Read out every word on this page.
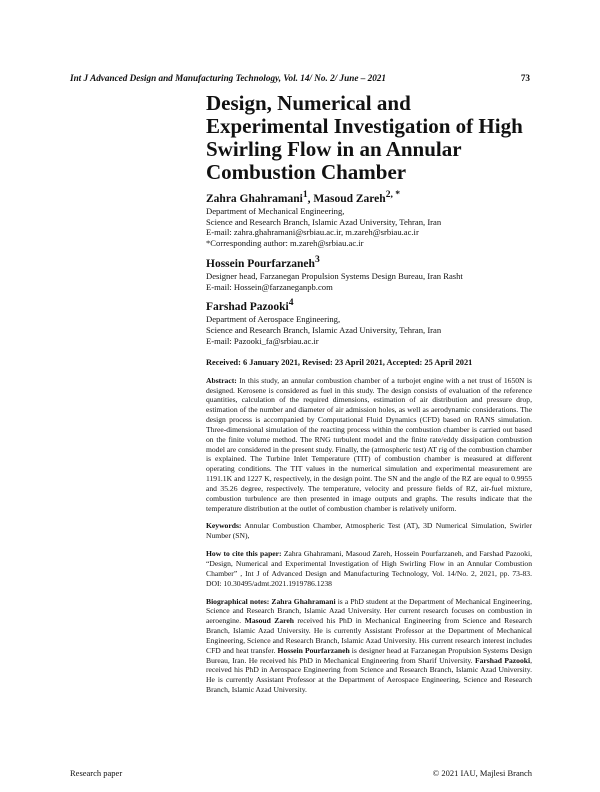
Int J Advanced Design and Manufacturing Technology, Vol. 14/ No. 2/ June – 2021	73
Design, Numerical and
Experimental Investigation of High
Swirling Flow in an Annular
Combustion Chamber
Zahra Ghahramani$^1$, Masoud Zareh$^{2, *}$
Department of Mechanical Engineering,
Science and Research Branch, Islamic Azad University, Tehran, Iran
E-mail: zahra.ghahramani@srbiau.ac.ir, m.zareh@srbiau.ac.ir
*Corresponding author: m.zareh@srbiau.ac.ir
Hossein Pourfarzaneh$^3$
Designer head, Farzanegan Propulsion Systems Design Bureau, Iran Rasht
E-mail: Hossein@farzaneganpb.com
Farshad Pazooki$^4$
Department of Aerospace Engineering,
Science and Research Branch, Islamic Azad University, Tehran, Iran
E-mail: Pazooki_fa@srbiau.ac.ir
Received: 6 January 2021, Revised: 23 April 2021, Accepted: 25 April 2021
Abstract: In this study, an annular combustion chamber of a turbojet engine with a net trust of 1650N is designed. Kerosene is considered as fuel in this study. The design consists of evaluation of the reference quantities, calculation of the required dimensions, estimation of air distribution and pressure drop, estimation of the number and diameter of air admission holes, as well as aerodynamic considerations. The design process is accompanied by Computational Fluid Dynamics (CFD) based on RANS simulation. Three-dimensional simulation of the reacting process within the combustion chamber is carried out based on the finite volume method. The RNG turbulent model and the finite rate/eddy dissipation combustion model are considered in the present study. Finally, the (atmospheric test) AT rig of the combustion chamber is explained. The Turbine Inlet Temperature (TIT) of combustion chamber is measured at different operating conditions. The TIT values in the numerical simulation and experimental measurement are 1191.1K and 1227 K, respectively, in the design point. The SN and the angle of the RZ are equal to 0.9955 and 35.26 degree, respectively. The temperature, velocity and pressure fields of RZ, air-fuel mixture, combustion turbulence are then presented in image outputs and graphs. The results indicate that the temperature distribution at the outlet of combustion chamber is relatively uniform.
Keywords: Annular Combustion Chamber, Atmospheric Test (AT), 3D Numerical Simulation, Swirler Number (SN),
How to cite this paper: Zahra Ghahramani, Masoud Zareh, Hossein Pourfarzaneh, and Farshad Pazooki, “Design, Numerical and Experimental Investigation of High Swirling Flow in an Annular Combustion Chamber” , Int J of Advanced Design and Manufacturing Technology, Vol. 14/No. 2, 2021, pp. 73-83. DOI: 10.30495/admt.2021.1919786.1238
Biographical notes: Zahra Ghahramani is a PhD student at the Department of Mechanical Engineering, Science and Research Branch, Islamic Azad University. Her current research focuses on combustion in aeroengine. Masoud Zareh received his PhD in Mechanical Engineering from Science and Research Branch, Islamic Azad University. He is currently Assistant Professor at the Department of Mechanical Engineering, Science and Research Branch, Islamic Azad University. His current research interest includes CFD and heat transfer. Hossein Pourfarzaneh is designer head at Farzanegan Propulsion Systems Design Bureau, Iran. He received his PhD in Mechanical Engineering from Sharif University. Farshad Pazooki, received his PhD in Aerospace Engineering from Science and Research Branch, Islamic Azad University. He is currently Assistant Professor at the Department of Aerospace Engineering, Science and Research Branch, Islamic Azad University.
Research paper	© 2021 IAU, Majlesi Branch
